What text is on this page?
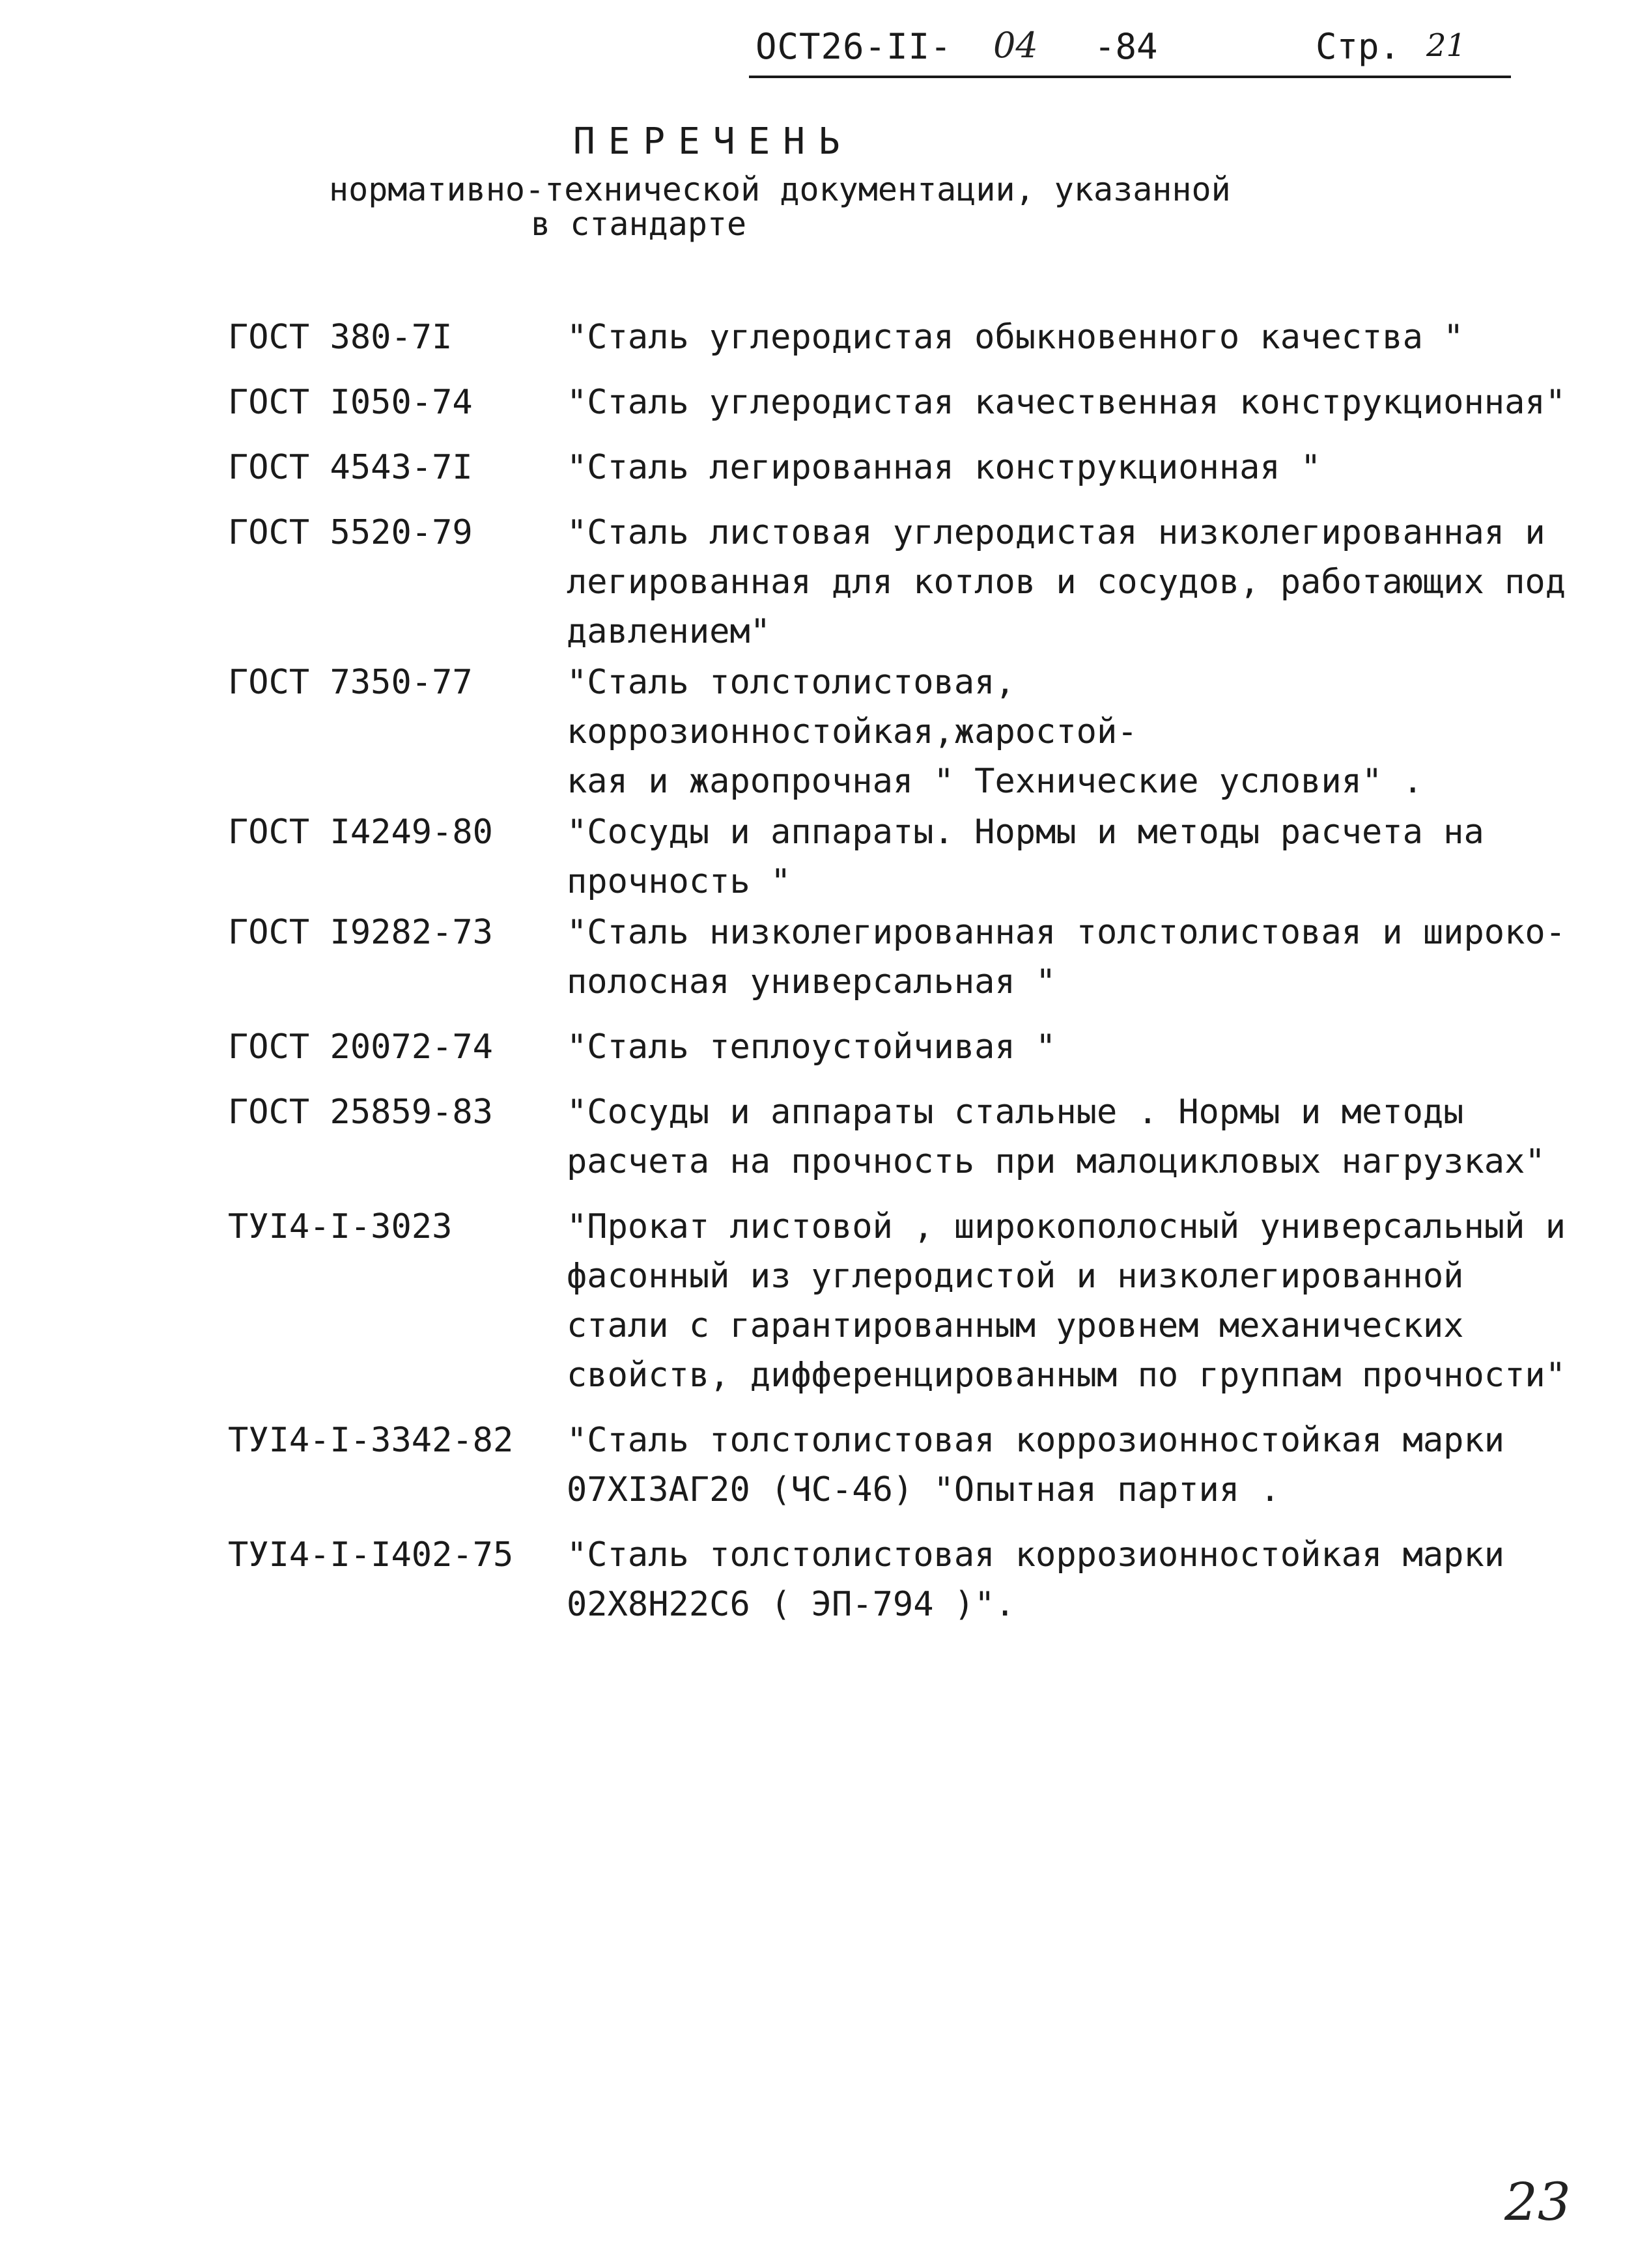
ОСТ26-II- 04 -84	Стр. 21
ПЕРЕЧЕНЬ
нормативно-технической документации, указанной
в стандарте
ГОСТ 380-7I	"Сталь углеродистая обыкновенного качества "
ГОСТ I050-74	"Сталь углеродистая качественная конструкционная"
ГОСТ 4543-7I	"Сталь легированная конструкционная "
ГОСТ 5520-79	"Сталь листовая углеродистая низколегированная и
легированная для котлов и сосудов, работающих под
давлением"
ГОСТ 7350-77	"Сталь толстолистовая, коррозионностойкая,жаростой-
кая и жаропрочная " Технические условия" .
ГОСТ I4249-80	"Сосуды и аппараты. Нормы и методы расчета на
прочность "
ГОСТ I9282-73	"Сталь низколегированная толстолистовая и широко-
полосная универсальная "
ГОСТ 20072-74	"Сталь теплоустойчивая "
ГОСТ 25859-83	"Сосуды и аппараты стальные . Нормы и методы
расчета на прочность при малоцикловых нагрузках"
ТУI4-I-3023	"Прокат листовой , широкополосный универсальный и
фасонный из углеродистой и низколегированной
стали с гарантированным уровнем механических
свойств, дифференцированным по группам прочности"
ТУI4-I-3342-82	"Сталь толстолистовая коррозионностойкая марки
07XI3АГ20 (ЧС-46) "Опытная партия .
ТУI4-I-I402-75	"Сталь толстолистовая коррозионностойкая марки
02X8Н22С6 ( ЭП-794 )".
23
